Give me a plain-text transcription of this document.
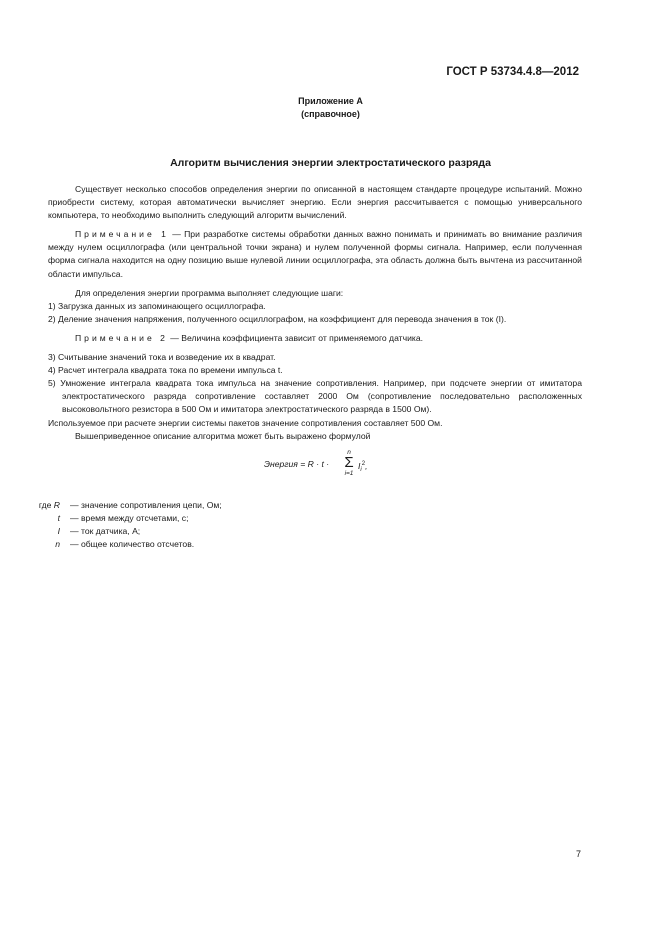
ГОСТ Р 53734.4.8—2012
Приложение А
(справочное)
Алгоритм вычисления энергии электростатического разряда

Существует несколько способов определения энергии по описанной в настоящем стандарте процедуре испытаний. Можно приобрести систему, которая автоматически вычисляет энергию. Если энергия рассчитывается с помощью универсального компьютера, то необходимо выполнить следующий алгоритм вычислений.

Примечание 1 — При разработке системы обработки данных важно понимать и принимать во внимание различия между нулем осциллографа (или центральной точки экрана) и нулем полученной формы сигнала. Например, если полученная форма сигнала находится на одну позицию выше нулевой линии осциллографа, эта область должна быть вычтена из рассчитанной области импульса.

Для определения энергии программа выполняет следующие шаги:

1) Загрузка данных из запоминающего осциллографа.
2) Деление значения напряжения, полученного осциллографом, на коэффициент для перевода значения в ток (I).

Примечание 2 — Величина коэффициента зависит от применяемого датчика.

3) Считывание значений тока и возведение их в квадрат.
4) Расчет интеграла квадрата тока по времени импульса t.
5) Умножение интеграла квадрата тока импульса на значение сопротивления. Например, при подсчете энергии от имитатора электростатического разряда сопротивление составляет 2000 Ом (сопротивление последовательно расположенных высоковольтного резистора в 500 Ом и имитатора электростатического разряда в 1500 Ом).

Используемое при расчете энергии системы пакетов значение сопротивления составляет 500 Ом.

Вышеприведенное описание алгоритма может быть выражено формулой

Энергия = R · t ·
n
Σ
i=1
$I_i^2$,
где R — значение сопротивления цепи, Ом;
t — время между отсчетами, с;
I — ток датчика, А;
n — общее количество отсчетов.
7
